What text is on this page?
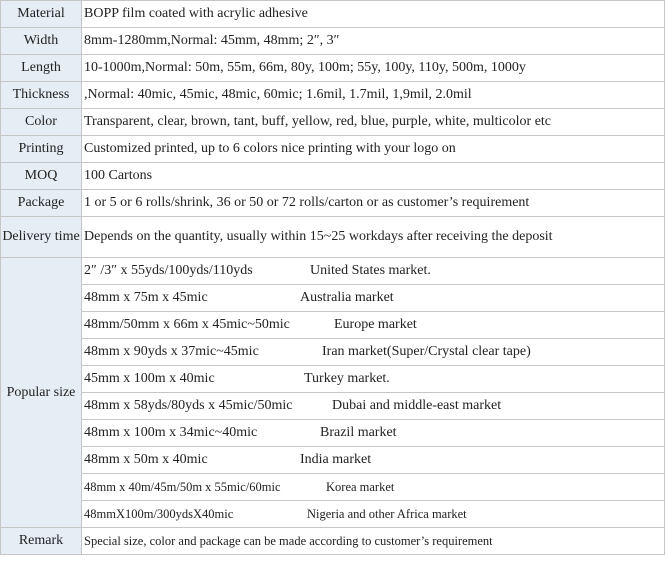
Material	BOPP film coated with acrylic adhesive
Width	8mm-1280mm,Normal: 45mm, 48mm; 2″, 3″
Length	10-1000m,Normal: 50m, 55m, 66m, 80y, 100m; 55y, 100y, 110y, 500m, 1000y
Thickness	,Normal: 40mic, 45mic, 48mic, 60mic; 1.6mil, 1.7mil, 1,9mil, 2.0mil
Color	Transparent, clear, brown, tant, buff, yellow, red, blue, purple, white, multicolor etc
Printing	Customized printed, up to 6 colors nice printing with your logo on
MOQ	100 Cartons
Package	1 or 5 or 6 rolls/shrink, 36 or 50 or 72 rolls/carton or as customer’s requirement
Delivery time	Depends on the quantity, usually within 15~25 workdays after receiving the deposit
Popular size	2″ /3″ x 55yds/100yds/110yds United States market.
	48mm x 75m x 45mic Australia market
	48mm/50mm x 66m x 45mic~50mic Europe market
	48mm x 90yds x 37mic~45mic Iran market(Super/Crystal clear tape)
	45mm x 100m x 40mic Turkey market.
	48mm x 58yds/80yds x 45mic/50mic Dubai and middle-east market
	48mm x 100m x 34mic~40mic Brazil market
	48mm x 50m x 40mic India market
	48mm x 40m/45m/50m x 55mic/60mic Korea market
	48mmX100m/300ydsX40mic Nigeria and other Africa market
Remark	Special size, color and package can be made according to customer’s requirement
